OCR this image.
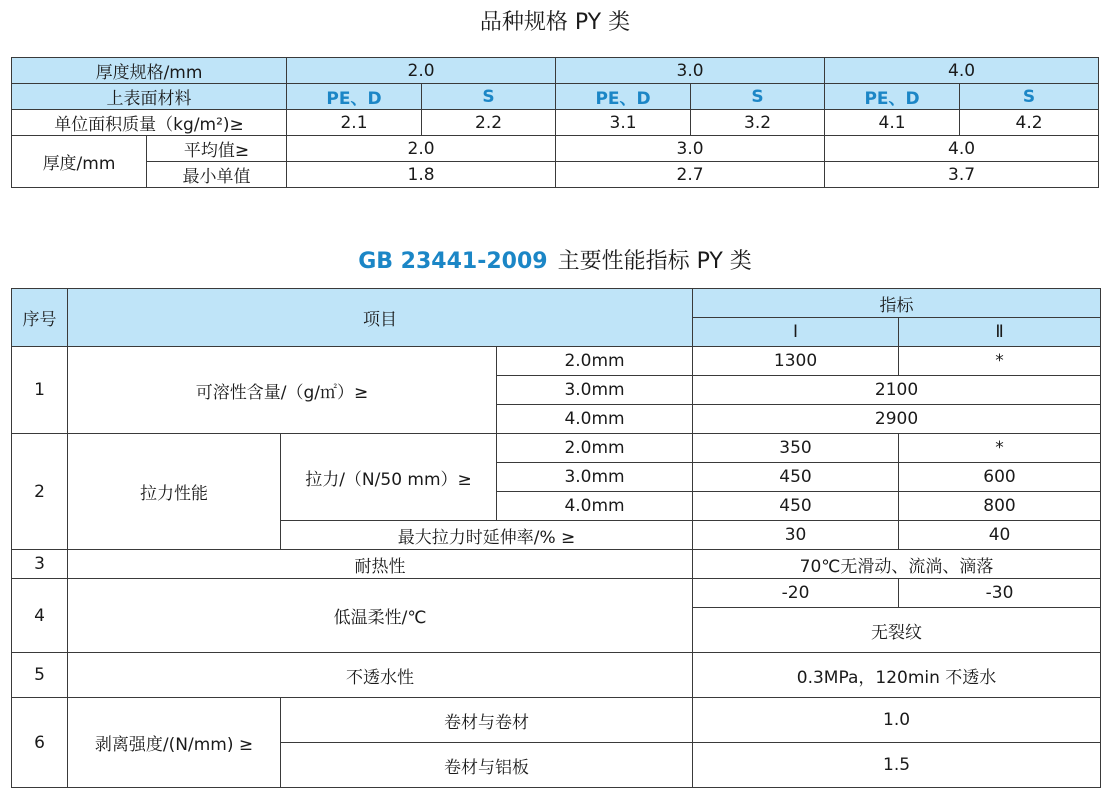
品种规格 PY 类
厚度规格/mm		2.0		3.0		4.0	
上表面材料		PE、D	S	PE、D	S	PE、D	S
单位面积质量（kg/m²)≥		2.1	2.2	3.1	3.2	4.1	4.2
厚度/mm	平均值≥	2.0		3.0		4.0	
	最小单值	1.8		2.7		3.7	
GB 23441-2009 主要性能指标 PY 类
序号	项目			指标	
				Ⅰ	Ⅱ
1	可溶性含量/（g/㎡）≥		2.0mm	1300	*
			3.0mm	2100	
			4.0mm	2900	
2	拉力性能	拉力/（N/50 mm）≥	2.0mm	350	*
			3.0mm	450	600
			4.0mm	450	800
		最大拉力时延伸率/% ≥		30	40
3	耐热性			70℃无滑动、流淌、滴落	
4	低温柔性/℃			-20	-30
				无裂纹	
5	不透水性			0.3MPa，120min 不透水	
6	剥离强度/(N/mm) ≥	卷材与卷材		1.0	
		卷材与铝板		1.5	
